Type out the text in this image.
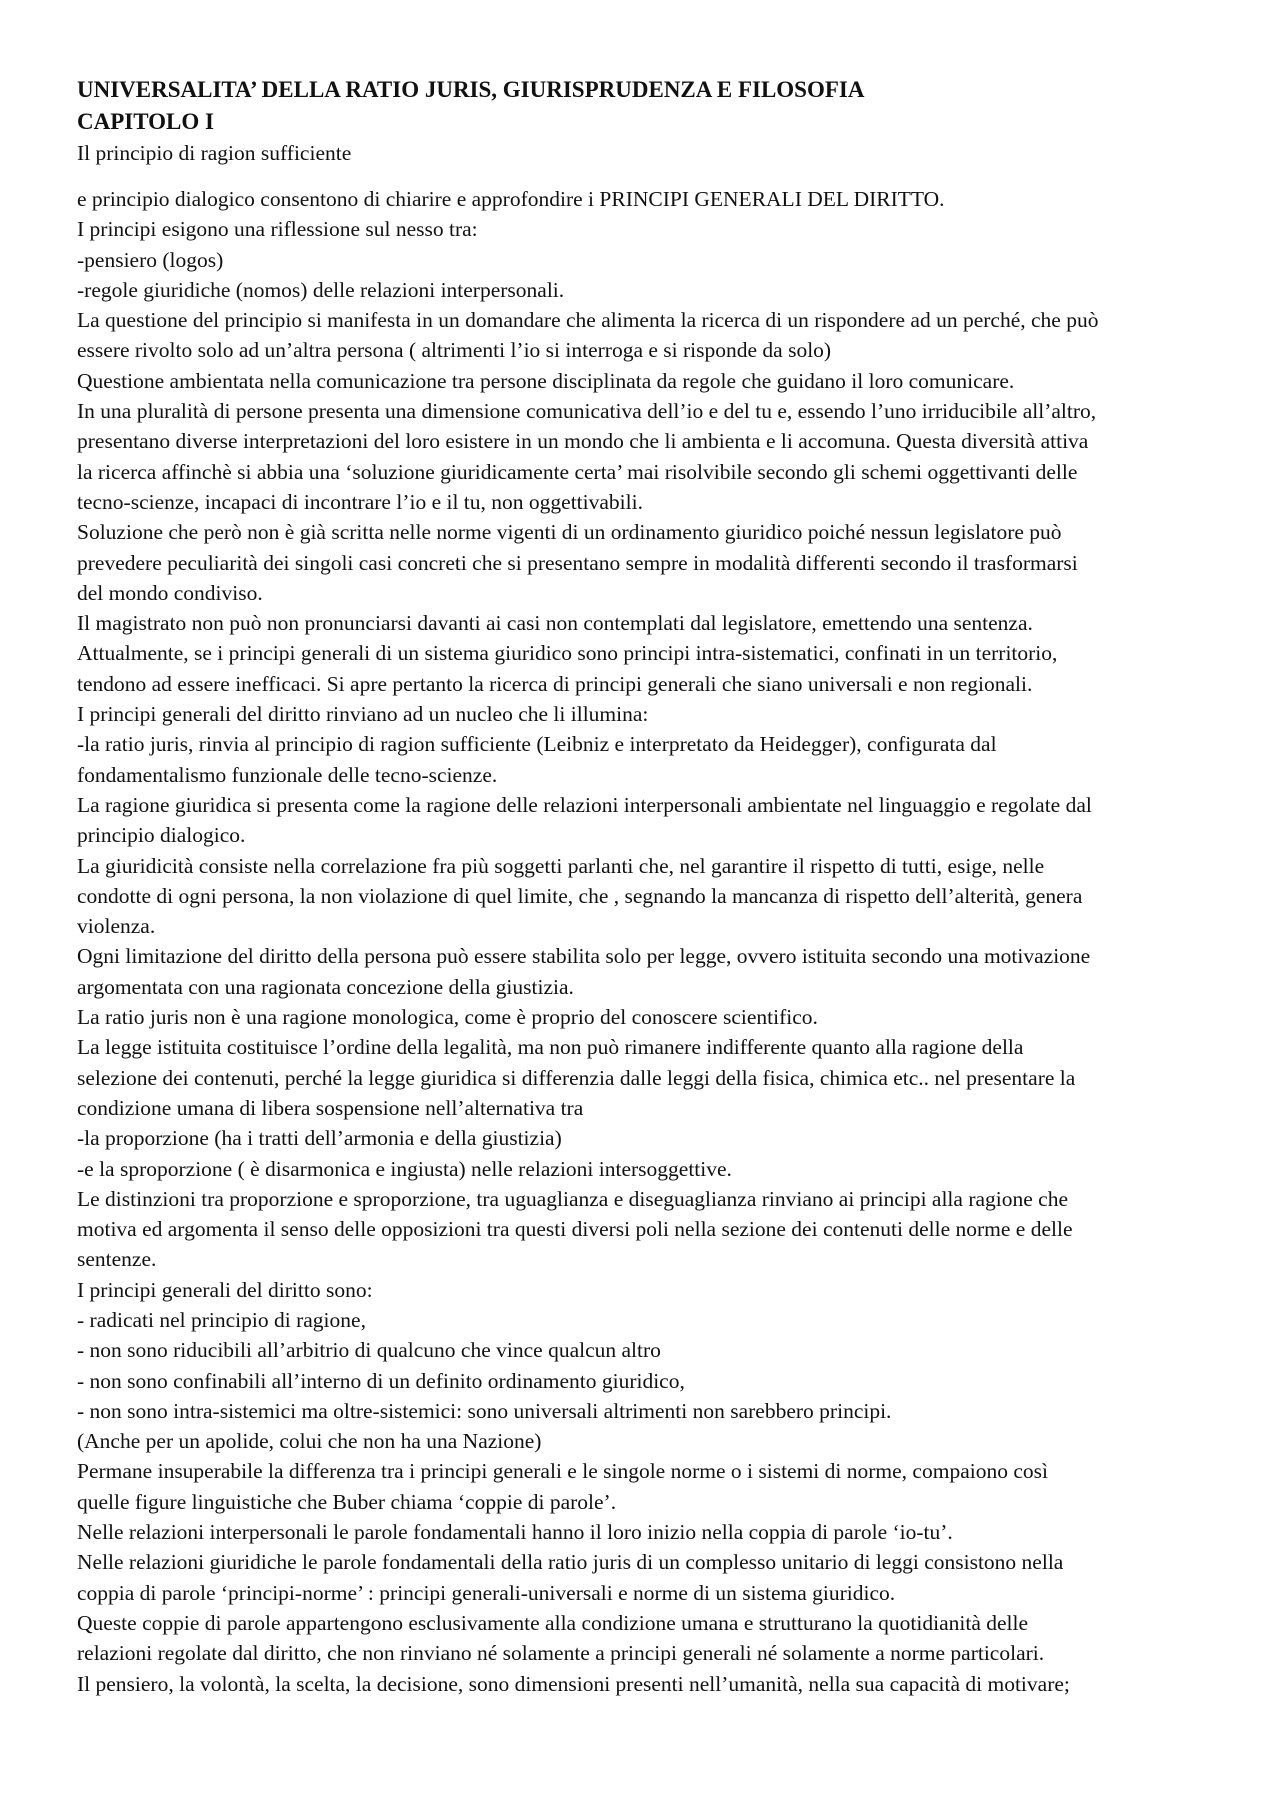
UNIVERSALITA’ DELLA RATIO JURIS, GIURISPRUDENZA E FILOSOFIA
CAPITOLO I
Il principio di ragion sufficiente
e principio dialogico consentono di chiarire e approfondire i PRINCIPI GENERALI DEL DIRITTO.
I principi esigono una riflessione sul nesso tra:
-pensiero (logos)
-regole giuridiche (nomos) delle relazioni interpersonali.
La questione del principio si manifesta in un domandare che alimenta la ricerca di un rispondere ad un perché, che può
essere rivolto solo ad un’altra persona ( altrimenti l’io si interroga e si risponde da solo)
Questione ambientata nella comunicazione tra persone disciplinata da regole che guidano il loro comunicare.
In una pluralità di persone presenta una dimensione comunicativa dell’io e del tu e, essendo l’uno irriducibile all’altro,
presentano diverse interpretazioni del loro esistere in un mondo che li ambienta e li accomuna. Questa diversità attiva
la ricerca affinchè si abbia una ‘soluzione giuridicamente certa’ mai risolvibile secondo gli schemi oggettivanti delle
tecno-scienze, incapaci di incontrare l’io e il tu, non oggettivabili.
Soluzione che però non è già scritta nelle norme vigenti di un ordinamento giuridico poiché nessun legislatore può
prevedere peculiarità dei singoli casi concreti che si presentano sempre in modalità differenti secondo il trasformarsi
del mondo condiviso.
Il magistrato non può non pronunciarsi davanti ai casi non contemplati dal legislatore, emettendo una sentenza.
Attualmente, se i principi generali di un sistema giuridico sono principi intra-sistematici, confinati in un territorio,
tendono ad essere inefficaci. Si apre pertanto la ricerca di principi generali che siano universali e non regionali.
I principi generali del diritto rinviano ad un nucleo che li illumina:
-la ratio juris, rinvia al principio di ragion sufficiente (Leibniz e interpretato da Heidegger), configurata dal
fondamentalismo funzionale delle tecno-scienze.
La ragione giuridica si presenta come la ragione delle relazioni interpersonali ambientate nel linguaggio e regolate dal
principio dialogico.
La giuridicità consiste nella correlazione fra più soggetti parlanti che, nel garantire il rispetto di tutti, esige, nelle
condotte di ogni persona, la non violazione di quel limite, che , segnando la mancanza di rispetto dell’alterità, genera
violenza.
Ogni limitazione del diritto della persona può essere stabilita solo per legge, ovvero istituita secondo una motivazione
argomentata con una ragionata concezione della giustizia.
La ratio juris non è una ragione monologica, come è proprio del conoscere scientifico.
La legge istituita costituisce l’ordine della legalità, ma non può rimanere indifferente quanto alla ragione della
selezione dei contenuti, perché la legge giuridica si differenzia dalle leggi della fisica, chimica etc.. nel presentare la
condizione umana di libera sospensione nell’alternativa tra
-la proporzione (ha i tratti dell’armonia e della giustizia)
-e la sproporzione ( è disarmonica e ingiusta) nelle relazioni intersoggettive.
Le distinzioni tra proporzione e sproporzione, tra uguaglianza e diseguaglianza rinviano ai principi alla ragione che
motiva ed argomenta il senso delle opposizioni tra questi diversi poli nella sezione dei contenuti delle norme e delle
sentenze.
I principi generali del diritto sono:
- radicati nel principio di ragione,
- non sono riducibili all’arbitrio di qualcuno che vince qualcun altro
- non sono confinabili all’interno di un definito ordinamento giuridico,
- non sono intra-sistemici ma oltre-sistemici: sono universali altrimenti non sarebbero principi.
(Anche per un apolide, colui che non ha una Nazione)
Permane insuperabile la differenza tra i principi generali e le singole norme o i sistemi di norme, compaiono così
quelle figure linguistiche che Buber chiama ‘coppie di parole’.
Nelle relazioni interpersonali le parole fondamentali hanno il loro inizio nella coppia di parole ‘io-tu’.
Nelle relazioni giuridiche le parole fondamentali della ratio juris di un complesso unitario di leggi consistono nella
coppia di parole ‘principi-norme’ : principi generali-universali e norme di un sistema giuridico.
Queste coppie di parole appartengono esclusivamente alla condizione umana e strutturano la quotidianità delle
relazioni regolate dal diritto, che non rinviano né solamente a principi generali né solamente a norme particolari.
Il pensiero, la volontà, la scelta, la decisione, sono dimensioni presenti nell’umanità, nella sua capacità di motivare;
